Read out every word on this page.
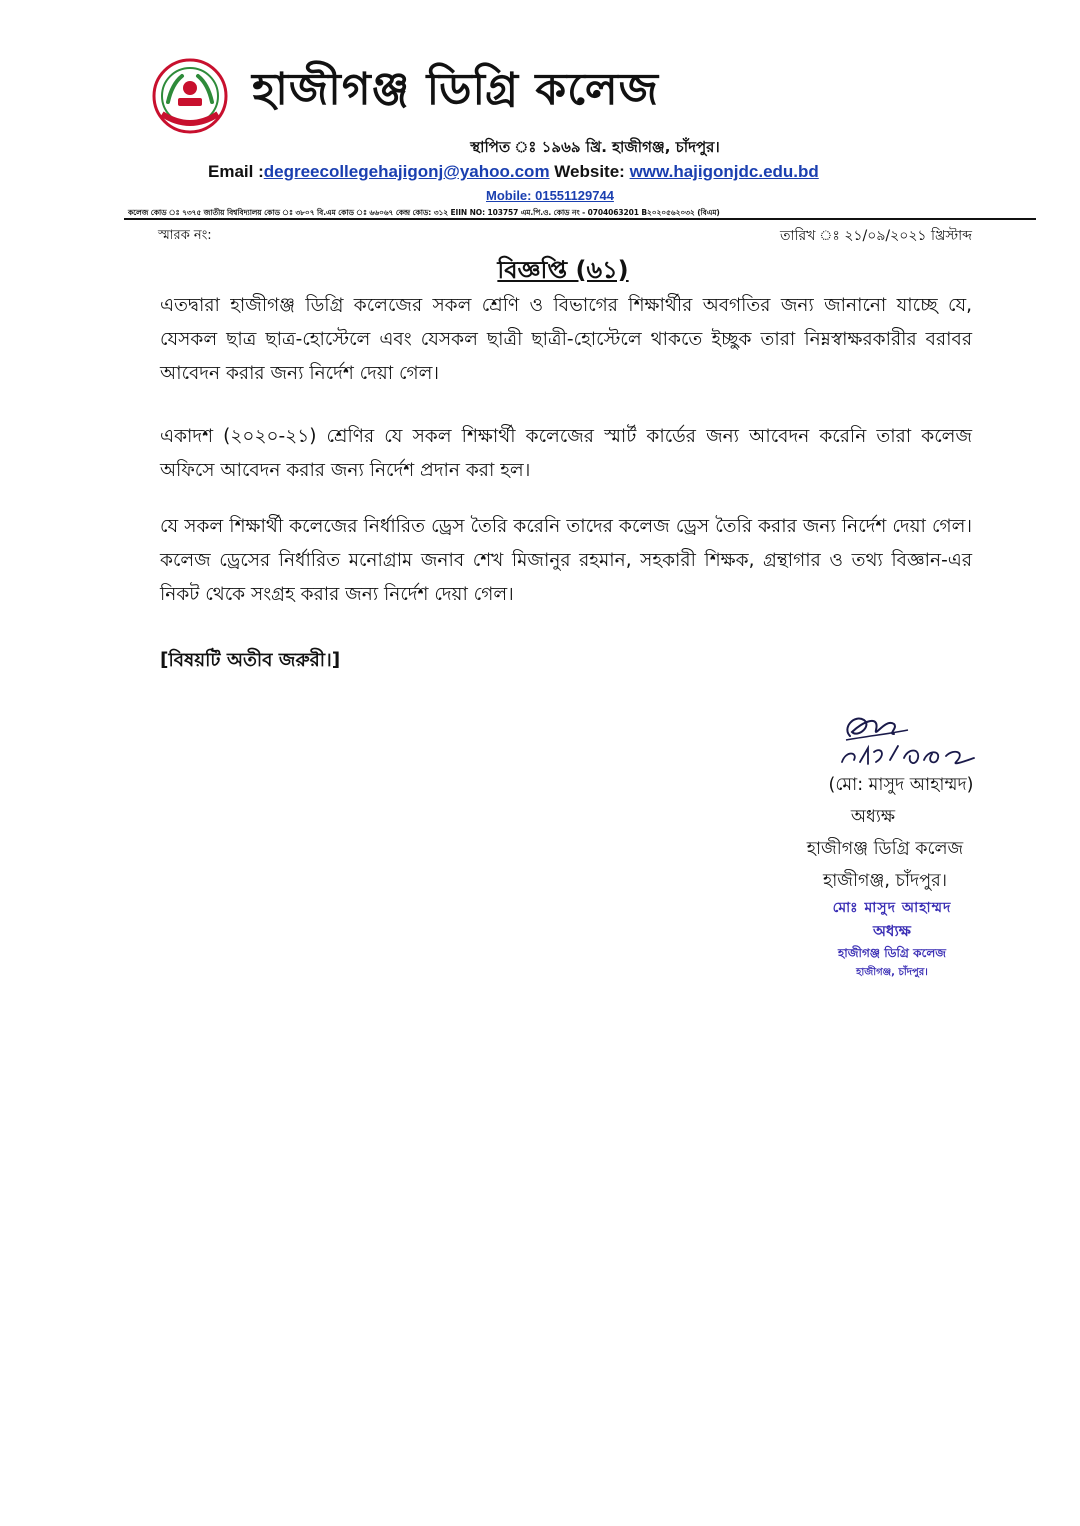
হাজীগঞ্জ ডিগ্রি কলেজ
স্থাপিত ঃ ১৯৬৯ খ্রি. হাজীগঞ্জ, চাঁদপুর।
Email :degreecollegehajigonj@yahoo.com Website: www.hajigonjdc.edu.bd
Mobile: 01551129744
কলেজ কোড ঃ ৭৩৭৫ জাতীয় বিশ্ববিদ্যালয় কোড ঃ ৩৮০৭ বি.এম কোড ঃ ৬৬০৬৭ কেন্দ্র কোড: ৩১২ EIIN NO: 103757 এম.পি.ও. কোড নং - 0704063201 B২০২০৫৬২০৩২ (বিএম)
স্মারক নং:	তারিখ ঃ ২১/০৯/২০২১ খ্রিস্টাব্দ
বিজ্ঞপ্তি (৬১)

এতদ্বারা হাজীগঞ্জ ডিগ্রি কলেজের সকল শ্রেণি ও বিভাগের শিক্ষার্থীর অবগতির জন্য জানানো যাচ্ছে যে, যেসকল ছাত্র ছাত্র-হোস্টেলে এবং যেসকল ছাত্রী ছাত্রী-হোস্টেলে থাকতে ইচ্ছুক তারা নিম্নস্বাক্ষরকারীর বরাবর আবেদন করার জন্য নির্দেশ দেয়া গেল।

একাদশ (২০২০-২১) শ্রেণির যে সকল শিক্ষার্থী কলেজের স্মার্ট কার্ডের জন্য আবেদন করেনি তারা কলেজ অফিসে আবেদন করার জন্য নির্দেশ প্রদান করা হল।

যে সকল শিক্ষার্থী কলেজের নির্ধারিত ড্রেস তৈরি করেনি তাদের কলেজ ড্রেস তৈরি করার জন্য নির্দেশ দেয়া গেল। কলেজ ড্রেসের নির্ধারিত মনোগ্রাম জনাব শেখ মিজানুর রহমান, সহকারী শিক্ষক, গ্রন্থাগার ও তথ্য বিজ্ঞান-এর নিকট থেকে সংগ্রহ করার জন্য নির্দেশ দেয়া গেল।

[বিষয়টি অতীব জরুরী।]

(মো: মাসুদ আহাম্মদ)
অধ্যক্ষ
হাজীগঞ্জ ডিগ্রি কলেজ
হাজীগঞ্জ, চাঁদপুর।
মোঃ মাসুদ আহাম্মদ
অধ্যক্ষ
হাজীগঞ্জ ডিগ্রি কলেজ
হাজীগঞ্জ, চাঁদপুর।
